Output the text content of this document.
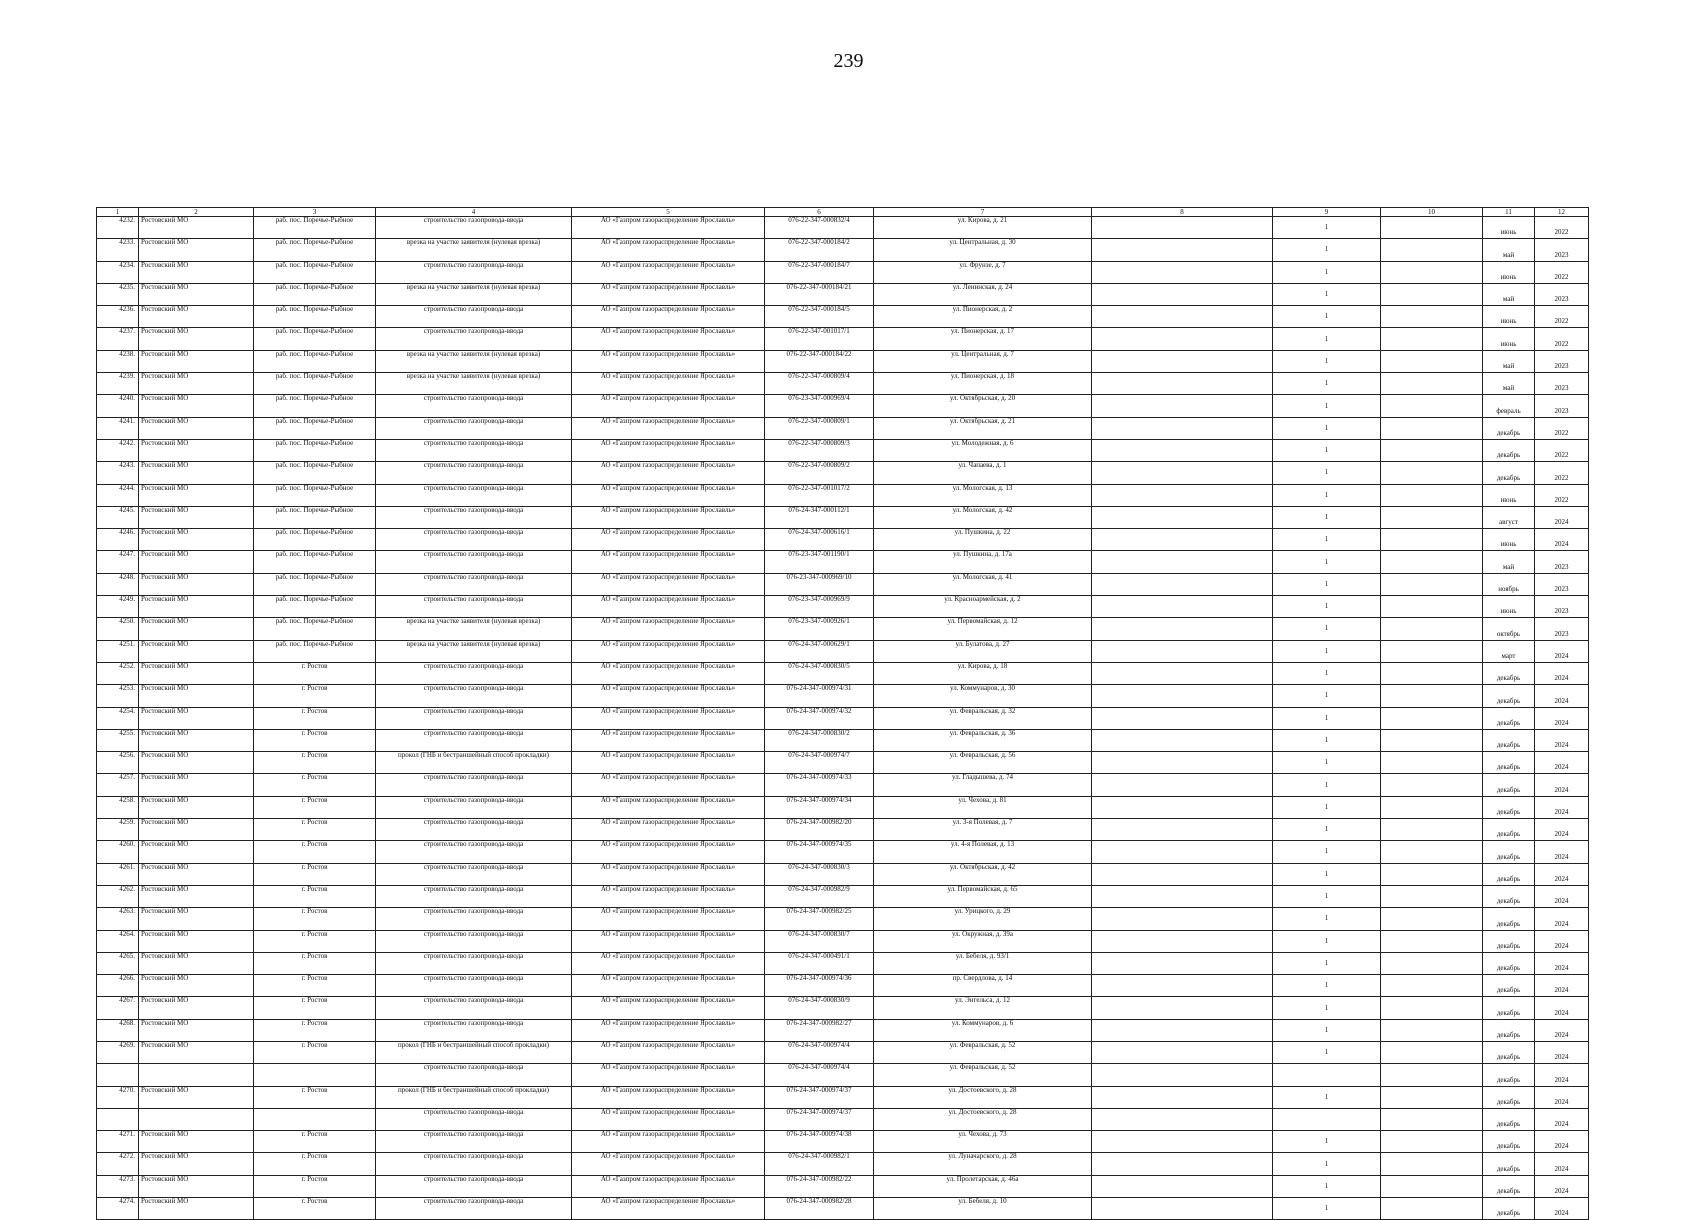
239
1	2	3	4	5	6	7	8	9	10	11	12
4232.	Ростовский МО	раб. пос. Поречье-Рыбное	строительство газопровода-ввода	АО «Газпром газораспределение Ярославль»	076-22-347-000832/4	ул. Кирова, д. 21		1		июнь	2022
4233.	Ростовский МО	раб. пос. Поречье-Рыбное	врезка на участке заявителя (нулевая врезка)	АО «Газпром газораспределение Ярославль»	076-22-347-000184/2	ул. Центральная, д. 30		1		май	2023
4234.	Ростовский МО	раб. пос. Поречье-Рыбное	строительство газопровода-ввода	АО «Газпром газораспределение Ярославль»	076-22-347-000184/7	ул. Фрунзе, д. 7		1		июнь	2022
4235.	Ростовский МО	раб. пос. Поречье-Рыбное	врезка на участке заявителя (нулевая врезка)	АО «Газпром газораспределение Ярославль»	076-22-347-000184/21	ул. Ленинская, д. 24		1		май	2023
4236.	Ростовский МО	раб. пос. Поречье-Рыбное	строительство газопровода-ввода	АО «Газпром газораспределение Ярославль»	076-22-347-000184/5	ул. Пионерская, д. 2		1		июнь	2022
4237.	Ростовский МО	раб. пос. Поречье-Рыбное	строительство газопровода-ввода	АО «Газпром газораспределение Ярославль»	076-22-347-001017/1	ул. Пионерская, д. 17		1		июнь	2022
4238.	Ростовский МО	раб. пос. Поречье-Рыбное	врезка на участке заявителя (нулевая врезка)	АО «Газпром газораспределение Ярославль»	076-22-347-000184/22	ул. Центральная, д. 7		1		май	2023
4239.	Ростовский МО	раб. пос. Поречье-Рыбное	врезка на участке заявителя (нулевая врезка)	АО «Газпром газораспределение Ярославль»	076-22-347-000809/4	ул. Пионерская, д. 18		1		май	2023
4240.	Ростовский МО	раб. пос. Поречье-Рыбное	строительство газопровода-ввода	АО «Газпром газораспределение Ярославль»	076-23-347-000969/4	ул. Октябрьская, д. 20		1		февраль	2023
4241.	Ростовский МО	раб. пос. Поречье-Рыбное	строительство газопровода-ввода	АО «Газпром газораспределение Ярославль»	076-22-347-000809/1	ул. Октябрьская, д. 21		1		декабрь	2022
4242.	Ростовский МО	раб. пос. Поречье-Рыбное	строительство газопровода-ввода	АО «Газпром газораспределение Ярославль»	076-22-347-000809/3	ул. Молодежная, д. 6		1		декабрь	2022
4243.	Ростовский МО	раб. пос. Поречье-Рыбное	строительство газопровода-ввода	АО «Газпром газораспределение Ярославль»	076-22-347-000809/2	ул. Чапаева, д. 1		1		декабрь	2022
4244.	Ростовский МО	раб. пос. Поречье-Рыбное	строительство газопровода-ввода	АО «Газпром газораспределение Ярославль»	076-22-347-001017/2	ул. Мологская, д. 13		1		июнь	2022
4245.	Ростовский МО	раб. пос. Поречье-Рыбное	строительство газопровода-ввода	АО «Газпром газораспределение Ярославль»	076-24-347-000112/1	ул. Мологская, д. 42		1		август	2024
4246.	Ростовский МО	раб. пос. Поречье-Рыбное	строительство газопровода-ввода	АО «Газпром газораспределение Ярославль»	076-24-347-000616/1	ул. Пушкина, д. 22		1		июнь	2024
4247.	Ростовский МО	раб. пос. Поречье-Рыбное	строительство газопровода-ввода	АО «Газпром газораспределение Ярославль»	076-23-347-001190/1	ул. Пушкина, д. 17а		1		май	2023
4248.	Ростовский МО	раб. пос. Поречье-Рыбное	строительство газопровода-ввода	АО «Газпром газораспределение Ярославль»	076-23-347-000969/10	ул. Мологская, д. 41		1		ноябрь	2023
4249.	Ростовский МО	раб. пос. Поречье-Рыбное	строительство газопровода-ввода	АО «Газпром газораспределение Ярославль»	076-23-347-000969/9	ул. Красноармейская, д. 2		1		июнь	2023
4250.	Ростовский МО	раб. пос. Поречье-Рыбное	врезка на участке заявителя (нулевая врезка)	АО «Газпром газораспределение Ярославль»	076-23-347-000926/1	ул. Первомайская, д. 12		1		октябрь	2023
4251.	Ростовский МО	раб. пос. Поречье-Рыбное	врезка на участке заявителя (нулевая врезка)	АО «Газпром газораспределение Ярославль»	076-24-347-000629/1	ул. Булатова, д. 27		1		март	2024
4252.	Ростовский МО	г. Ростов	строительство газопровода-ввода	АО «Газпром газораспределение Ярославль»	076-24-347-000830/5	ул. Кирова, д. 18		1		декабрь	2024
4253.	Ростовский МО	г. Ростов	строительство газопровода-ввода	АО «Газпром газораспределение Ярославль»	076-24-347-000974/31	ул. Коммунаров, д. 30		1		декабрь	2024
4254.	Ростовский МО	г. Ростов	строительство газопровода-ввода	АО «Газпром газораспределение Ярославль»	076-24-347-000974/32	ул. Февральская, д. 32		1		декабрь	2024
4255.	Ростовский МО	г. Ростов	строительство газопровода-ввода	АО «Газпром газораспределение Ярославль»	076-24-347-000830/2	ул. Февральская, д. 36		1		декабрь	2024
4256.	Ростовский МО	г. Ростов	прокол (ГНБ и бестраншейный способ прокладки)	АО «Газпром газораспределение Ярославль»	076-24-347-000974/7	ул. Февральская, д. 56		1		декабрь	2024
4257.	Ростовский МО	г. Ростов	строительство газопровода-ввода	АО «Газпром газораспределение Ярославль»	076-24-347-000974/33	ул. Гладышева, д. 74		1		декабрь	2024
4258.	Ростовский МО	г. Ростов	строительство газопровода-ввода	АО «Газпром газораспределение Ярославль»	076-24-347-000974/34	ул. Чехова, д. 81		1		декабрь	2024
4259.	Ростовский МО	г. Ростов	строительство газопровода-ввода	АО «Газпром газораспределение Ярославль»	076-24-347-000982/20	ул. 3-я Полевая, д. 7		1		декабрь	2024
4260.	Ростовский МО	г. Ростов	строительство газопровода-ввода	АО «Газпром газораспределение Ярославль»	076-24-347-000974/35	ул. 4-я Полевая, д. 13		1		декабрь	2024
4261.	Ростовский МО	г. Ростов	строительство газопровода-ввода	АО «Газпром газораспределение Ярославль»	076-24-347-000830/3	ул. Октябрьская, д. 42		1		декабрь	2024
4262.	Ростовский МО	г. Ростов	строительство газопровода-ввода	АО «Газпром газораспределение Ярославль»	076-24-347-000982/9	ул. Первомайская, д. 65		1		декабрь	2024
4263.	Ростовский МО	г. Ростов	строительство газопровода-ввода	АО «Газпром газораспределение Ярославль»	076-24-347-000982/25	ул. Урицкого, д. 29		1		декабрь	2024
4264.	Ростовский МО	г. Ростов	строительство газопровода-ввода	АО «Газпром газораспределение Ярославль»	076-24-347-000830/7	ул. Окружная, д. 39а		1		декабрь	2024
4265.	Ростовский МО	г. Ростов	строительство газопровода-ввода	АО «Газпром газораспределение Ярославль»	076-24-347-000491/1	ул. Бебеля, д. 93/1		1		декабрь	2024
4266.	Ростовский МО	г. Ростов	строительство газопровода-ввода	АО «Газпром газораспределение Ярославль»	076-24-347-000974/36	пр. Свердлова, д. 14		1		декабрь	2024
4267.	Ростовский МО	г. Ростов	строительство газопровода-ввода	АО «Газпром газораспределение Ярославль»	076-24-347-000830/9	ул. Энгельса, д. 12		1		декабрь	2024
4268.	Ростовский МО	г. Ростов	строительство газопровода-ввода	АО «Газпром газораспределение Ярославль»	076-24-347-000982/27	ул. Коммунаров, д. 6		1		декабрь	2024
4269.	Ростовский МО	г. Ростов	прокол (ГНБ и бестраншейный способ прокладки)	АО «Газпром газораспределение Ярославль»	076-24-347-000974/4	ул. Февральская, д. 52		1		декабрь	2024
			строительство газопровода-ввода	АО «Газпром газораспределение Ярославль»	076-24-347-000974/4	ул. Февральская, д. 52				декабрь	2024
4270.	Ростовский МО	г. Ростов	прокол (ГНБ и бестраншейный способ прокладки)	АО «Газпром газораспределение Ярославль»	076-24-347-000974/37	ул. Достоевского, д. 28		1		декабрь	2024
			строительство газопровода-ввода	АО «Газпром газораспределение Ярославль»	076-24-347-000974/37	ул. Достоевского, д. 28				декабрь	2024
4271.	Ростовский МО	г. Ростов	строительство газопровода-ввода	АО «Газпром газораспределение Ярославль»	076-24-347-000974/38	ул. Чехова, д. 73		1		декабрь	2024
4272.	Ростовский МО	г. Ростов	строительство газопровода-ввода	АО «Газпром газораспределение Ярославль»	076-24-347-000982/1	ул. Луначарского, д. 28		1		декабрь	2024
4273.	Ростовский МО	г. Ростов	строительство газопровода-ввода	АО «Газпром газораспределение Ярославль»	076-24-347-000982/22	ул. Пролетарская, д. 46а		1		декабрь	2024
4274.	Ростовский МО	г. Ростов	строительство газопровода-ввода	АО «Газпром газораспределение Ярославль»	076-24-347-000982/28	ул. Бебеля, д. 10		1		декабрь	2024
